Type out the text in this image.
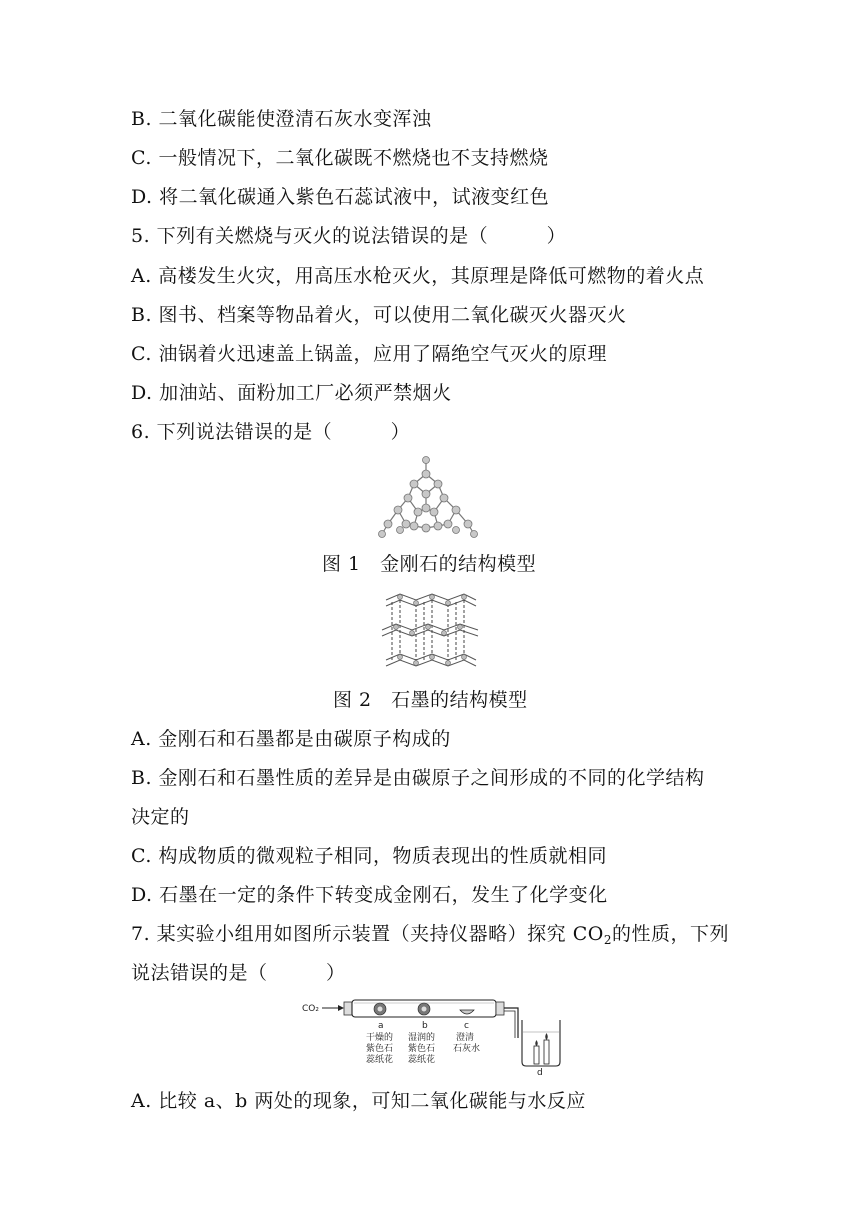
B. 二氧化碳能使澄清石灰水变浑浊
C. 一般情况下，二氧化碳既不燃烧也不支持燃烧
D. 将二氧化碳通入紫色石蕊试液中，试液变红色
5. 下列有关燃烧与灭火的说法错误的是（　　　）
A. 高楼发生火灾，用高压水枪灭火，其原理是降低可燃物的着火点
B. 图书、档案等物品着火，可以使用二氧化碳灭火器灭火
C. 油锅着火迅速盖上锅盖，应用了隔绝空气灭火的原理
D. 加油站、面粉加工厂必须严禁烟火
6. 下列说法错误的是（　　　）
图 1　金刚石的结构模型
图 2　石墨的结构模型
A. 金刚石和石墨都是由碳原子构成的
B. 金刚石和石墨性质的差异是由碳原子之间形成的不同的化学结构
决定的
C. 构成物质的微观粒子相同，物质表现出的性质就相同
D. 石墨在一定的条件下转变成金刚石，发生了化学变化
7. 某实验小组用如图所示装置（夹持仪器略）探究 $CO_2$的性质，下列
说法错误的是（　　　）
CO₂
d
a	b	c
干燥的
紫色石
蕊纸花
湿润的
紫色石
蕊纸花
澄清
石灰水
A. 比较 a、b 两处的现象，可知二氧化碳能与水反应
